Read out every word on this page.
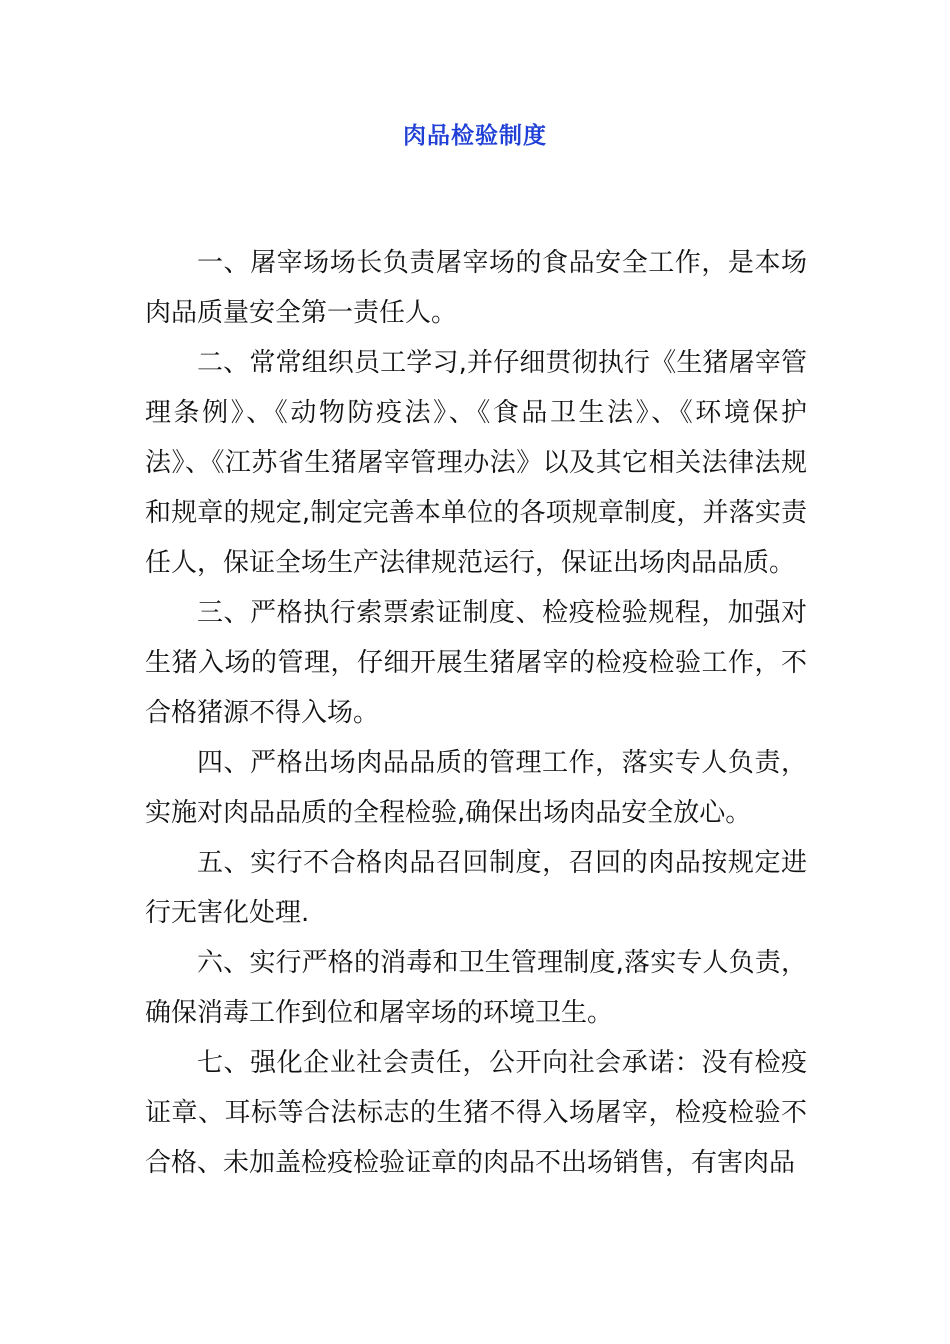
肉品检验制度

一、屠宰场场长负责屠宰场的食品安全工作，是本场肉品质量安全第一责任人。

二、常常组织员工学习,并仔细贯彻执行《生猪屠宰管理条例》、《动物防疫法》、《食品卫生法》、《环境保护法》、《江苏省生猪屠宰管理办法》以及其它相关法律法规和规章的规定,制定完善本单位的各项规章制度，并落实责任人，保证全场生产法律规范运行，保证出场肉品品质。

三、严格执行索票索证制度、检疫检验规程，加强对生猪入场的管理，仔细开展生猪屠宰的检疫检验工作，不合格猪源不得入场。

四、严格出场肉品品质的管理工作，落实专人负责，实施对肉品品质的全程检验,确保出场肉品安全放心。

五、实行不合格肉品召回制度，召回的肉品按规定进行无害化处理.

六、实行严格的消毒和卫生管理制度,落实专人负责，确保消毒工作到位和屠宰场的环境卫生。

七、强化企业社会责任，公开向社会承诺：没有检疫证章、耳标等合法标志的生猪不得入场屠宰，检疫检验不合格、未加盖检疫检验证章的肉品不出场销售，有害肉品
